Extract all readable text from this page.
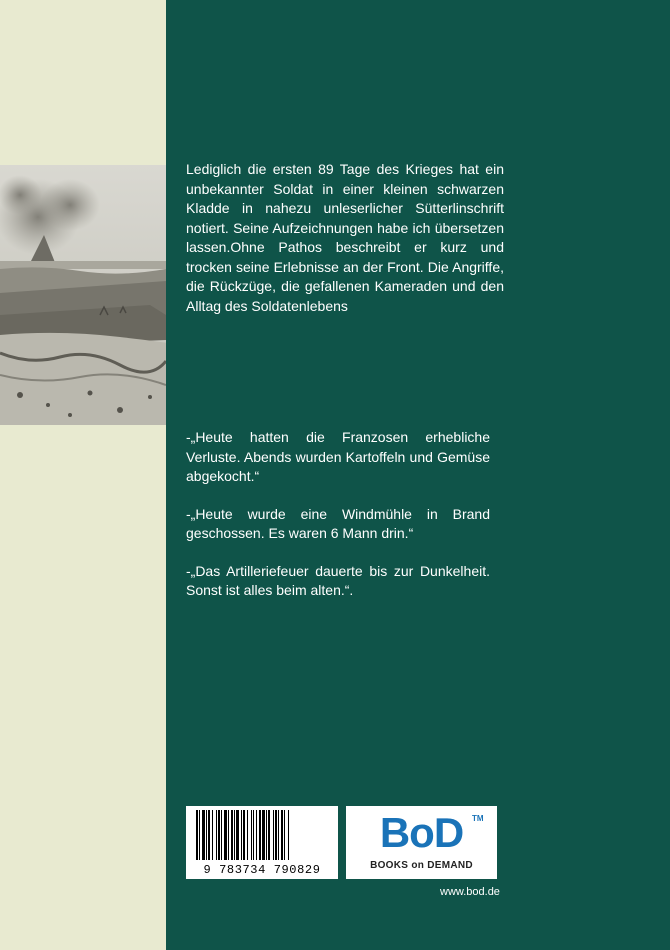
Lediglich die ersten 89 Tage des Krieges hat ein unbekannter Soldat in einer kleinen schwarzen Kladde in nahezu unleserlicher Sütterlinschrift notiert. Seine Aufzeichnungen habe ich übersetzen lassen.Ohne Pathos beschreibt er kurz und trocken seine Erlebnisse an der Front. Die Angriffe, die Rückzüge, die gefallenen Kameraden und den Alltag des Soldatenlebens

-„Heute hatten die Franzosen erhebliche Verluste. Abends wurden Kartoffeln und Gemüse abgekocht.“

-„Heute wurde eine Windmühle in Brand geschossen. Es waren 6 Mann drin.“

-„Das Artilleriefeuer dauerte bis zur Dunkelheit. Sonst ist alles beim alten.“.

9 783734 790829
BoD	TM
BOOKS on DEMAND
www.bod.de
